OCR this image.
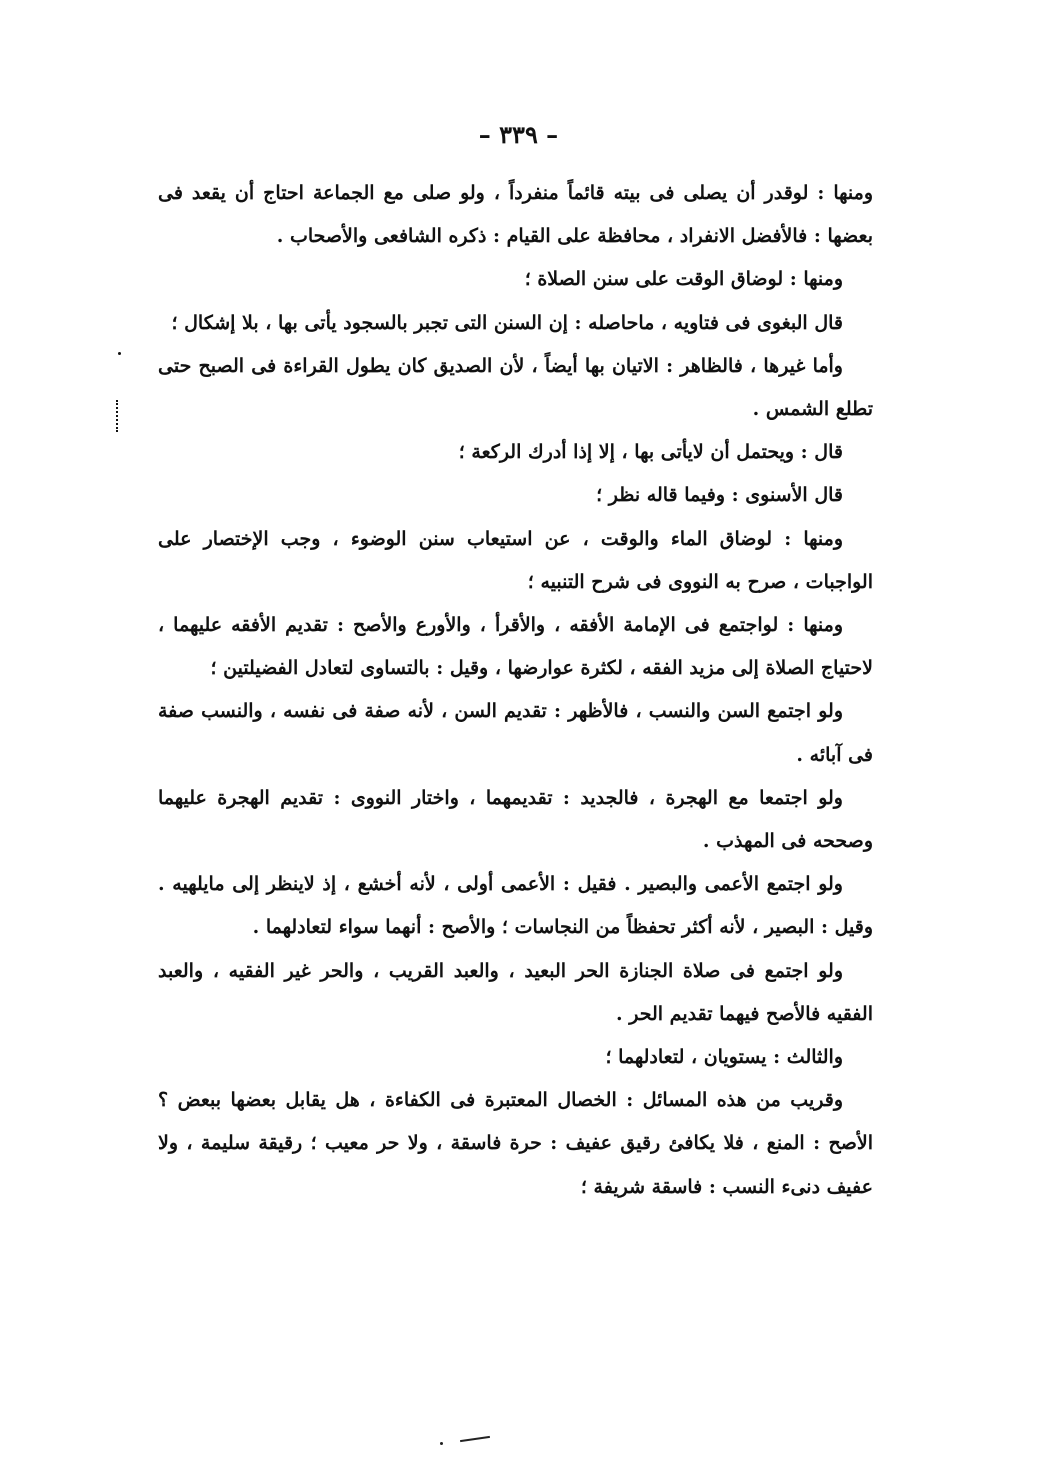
– ٣٣٩ –

ومنها : لوقدر أن يصلى فى بيته قائماً منفرداً ، ولو صلى مع الجماعة احتاج أن يقعد فى بعضها : فالأفضل الانفراد ، محافظة على القيام : ذكره الشافعى والأصحاب .

ومنها : لوضاق الوقت على سنن الصلاة ؛

قال البغوى فى فتاويه ، ماحاصله : إن السنن التى تجبر بالسجود يأتى بها ، بلا إشكال ؛

وأما غيرها ، فالظاهر : الاتيان بها أيضاً ، لأن الصديق كان يطول القراءة فى الصبح حتى تطلع الشمس .

قال : ويحتمل أن لايأتى بها ، إلا إذا أدرك الركعة ؛

قال الأسنوى : وفيما قاله نظر ؛

ومنها : لوضاق الماء والوقت ، عن استيعاب سنن الوضوء ، وجب الإختصار على الواجبات ، صرح به النووى فى شرح التنبيه ؛

ومنها : لواجتمع فى الإمامة الأفقه ، والأقرأ ، والأورع والأصح : تقديم الأفقه عليهما ، لاحتياج الصلاة إلى مزيد الفقه ، لكثرة عوارضها ، وقيل : بالتساوى لتعادل الفضيلتين ؛

ولو اجتمع السن والنسب ، فالأظهر : تقديم السن ، لأنه صفة فى نفسه ، والنسب صفة فى آبائه .

ولو اجتمعا مع الهجرة ، فالجديد : تقديمهما ، واختار النووى : تقديم الهجرة عليهما وصححه فى المهذب .

ولو اجتمع الأعمى والبصير . فقيل : الأعمى أولى ، لأنه أخشع ، إذ لاينظر إلى مايلهيه . وقيل : البصير ، لأنه أكثر تحفظاً من النجاسات ؛ والأصح : أنهما سواء لتعادلهما .

ولو اجتمع فى صلاة الجنازة الحر البعيد ، والعبد القريب ، والحر غير الفقيه ، والعبد الفقيه فالأصح فيهما تقديم الحر .

والثالث : يستويان ، لتعادلهما ؛

وقريب من هذه المسائل : الخصال المعتبرة فى الكفاءة ، هل يقابل بعضها ببعض ؟ الأصح : المنع ، فلا يكافئ رقيق عفيف : حرة فاسقة ، ولا حر معيب ؛ رقيقة سليمة ، ولا عفيف دنىء النسب : فاسقة شريفة ؛
